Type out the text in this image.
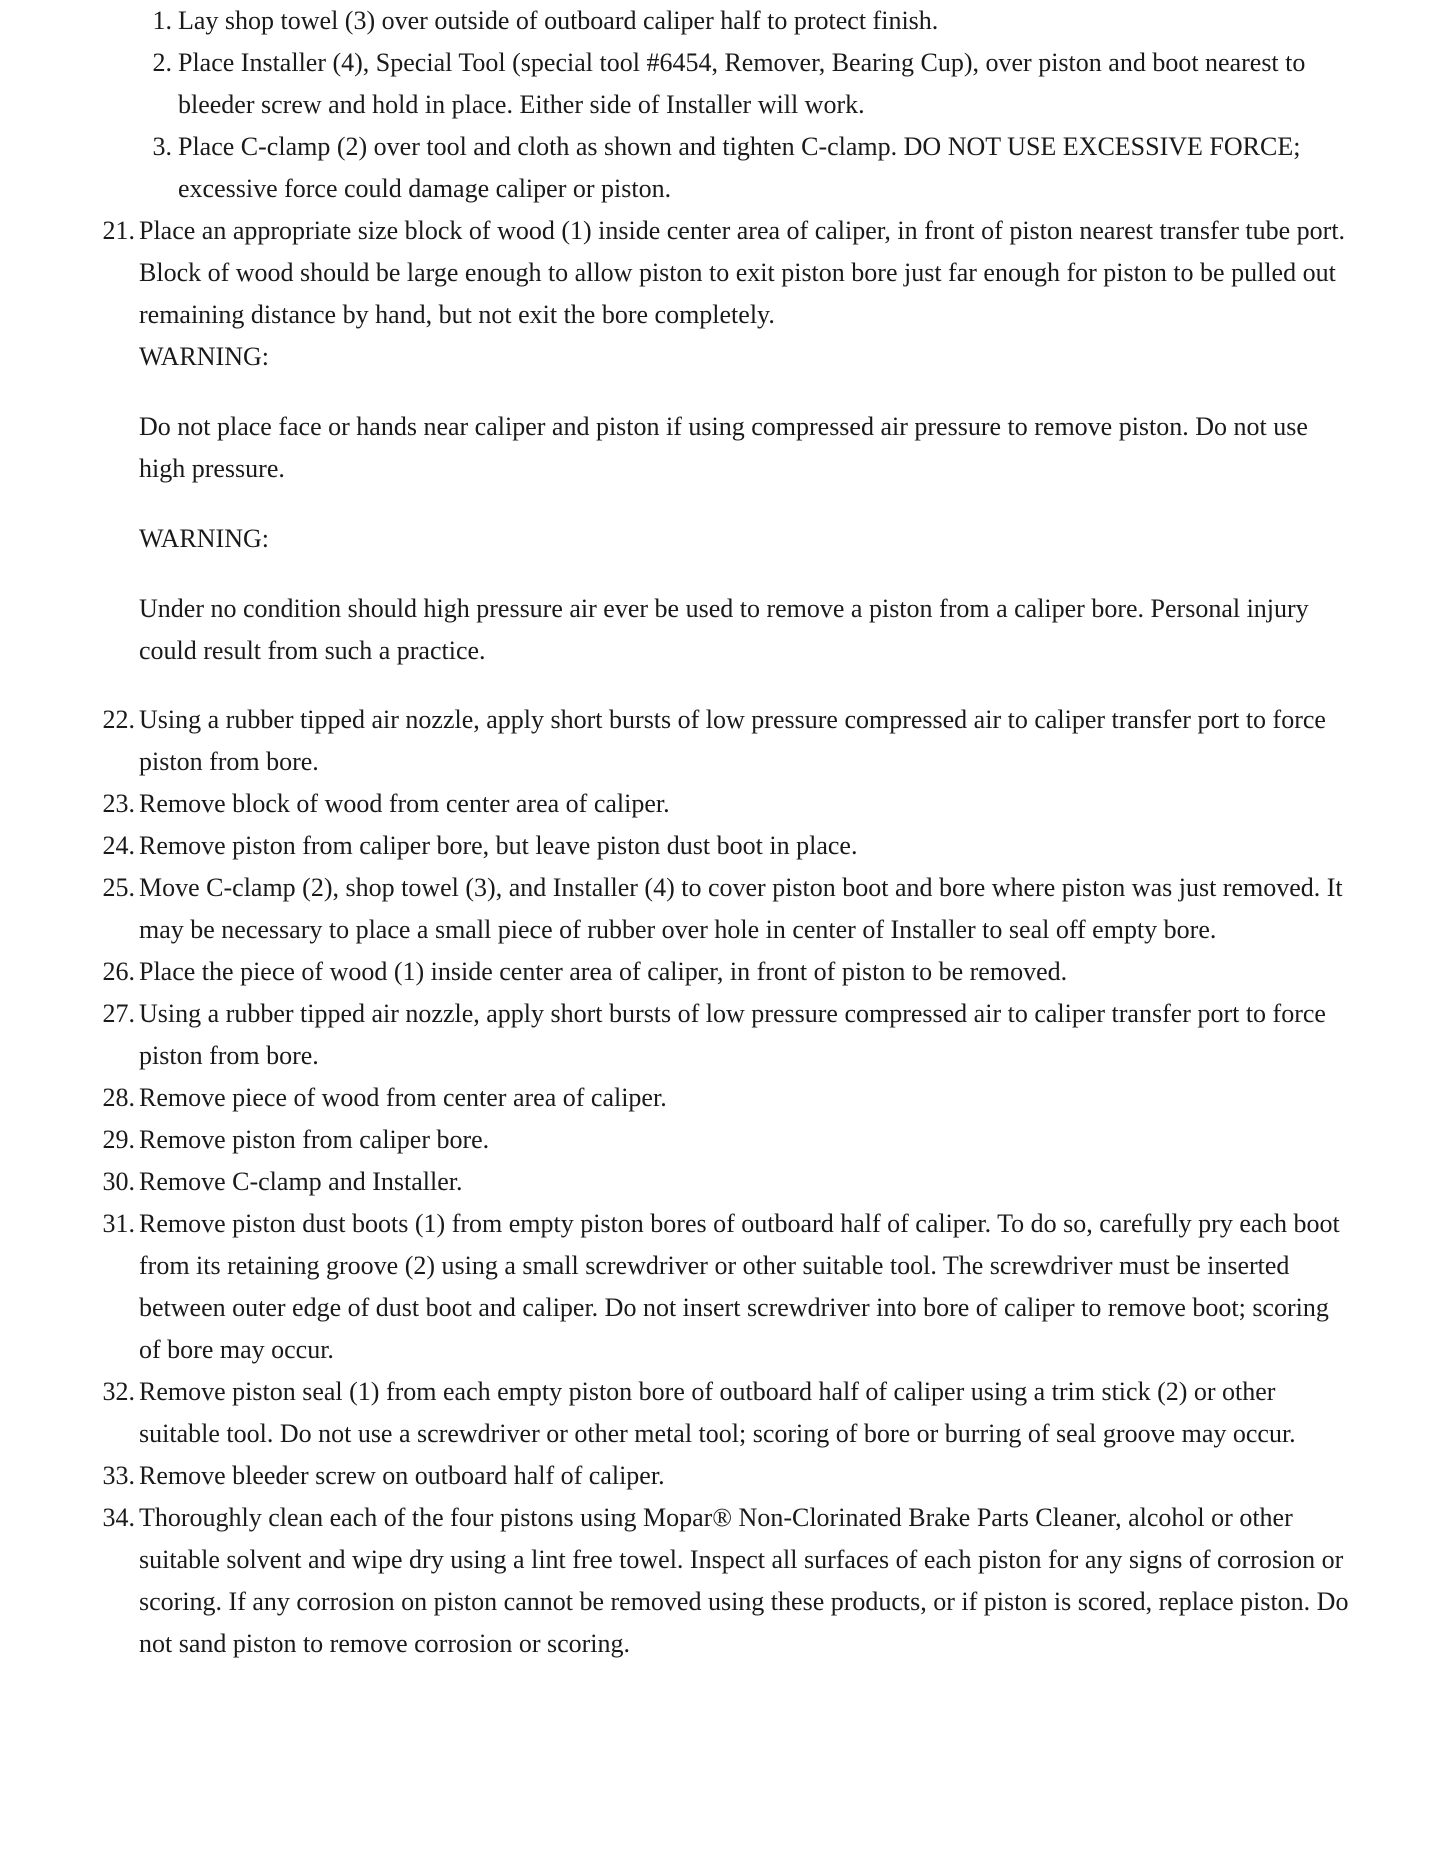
1. Lay shop towel (3) over outside of outboard caliper half to protect finish.
2. Place Installer (4), Special Tool (special tool #6454, Remover, Bearing Cup), over piston and boot nearest to bleeder screw and hold in place. Either side of Installer will work.
3. Place C-clamp (2) over tool and cloth as shown and tighten C-clamp. DO NOT USE EXCESSIVE FORCE; excessive force could damage caliper or piston.
21. Place an appropriate size block of wood (1) inside center area of caliper, in front of piston nearest transfer tube port. Block of wood should be large enough to allow piston to exit piston bore just far enough for piston to be pulled out remaining distance by hand, but not exit the bore completely.
WARNING:
Do not place face or hands near caliper and piston if using compressed air pressure to remove piston. Do not use high pressure.
WARNING:
Under no condition should high pressure air ever be used to remove a piston from a caliper bore. Personal injury could result from such a practice.
22. Using a rubber tipped air nozzle, apply short bursts of low pressure compressed air to caliper transfer port to force piston from bore.
23. Remove block of wood from center area of caliper.
24. Remove piston from caliper bore, but leave piston dust boot in place.
25. Move C-clamp (2), shop towel (3), and Installer (4) to cover piston boot and bore where piston was just removed. It may be necessary to place a small piece of rubber over hole in center of Installer to seal off empty bore.
26. Place the piece of wood (1) inside center area of caliper, in front of piston to be removed.
27. Using a rubber tipped air nozzle, apply short bursts of low pressure compressed air to caliper transfer port to force piston from bore.
28. Remove piece of wood from center area of caliper.
29. Remove piston from caliper bore.
30. Remove C-clamp and Installer.
31. Remove piston dust boots (1) from empty piston bores of outboard half of caliper. To do so, carefully pry each boot from its retaining groove (2) using a small screwdriver or other suitable tool. The screwdriver must be inserted between outer edge of dust boot and caliper. Do not insert screwdriver into bore of caliper to remove boot; scoring of bore may occur.
32. Remove piston seal (1) from each empty piston bore of outboard half of caliper using a trim stick (2) or other suitable tool. Do not use a screwdriver or other metal tool; scoring of bore or burring of seal groove may occur.
33. Remove bleeder screw on outboard half of caliper.
34. Thoroughly clean each of the four pistons using Mopar® Non-Clorinated Brake Parts Cleaner, alcohol or other suitable solvent and wipe dry using a lint free towel. Inspect all surfaces of each piston for any signs of corrosion or scoring. If any corrosion on piston cannot be removed using these products, or if piston is scored, replace piston. Do not sand piston to remove corrosion or scoring.
